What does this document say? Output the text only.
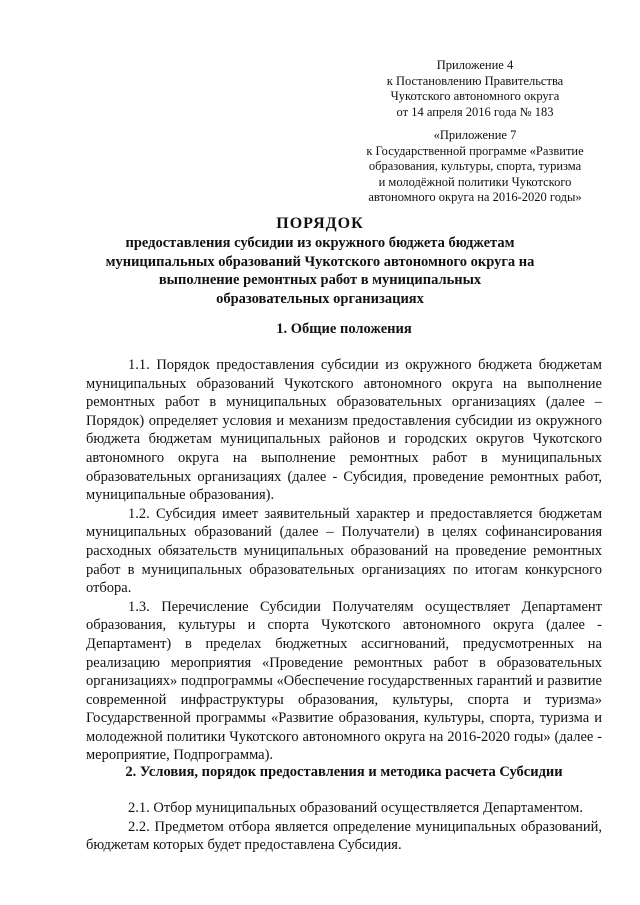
Приложение 4
к Постановлению Правительства
Чукотского автономного округа
от 14 апреля 2016 года № 183
«Приложение 7
к Государственной программе «Развитие
образования, культуры, спорта, туризма
и молодёжной политики Чукотского
автономного округа на 2016-2020 годы»
ПОРЯДОК
предоставления субсидии из окружного бюджета бюджетам
муниципальных образований Чукотского автономного округа на
выполнение ремонтных работ в муниципальных
образовательных организациях
1. Общие положения

1.1. Порядок предоставления субсидии из окружного бюджета бюджетам муниципальных образований Чукотского автономного округа на выполнение ремонтных работ в муниципальных образовательных организациях (далее – Порядок) определяет условия и механизм предоставления субсидии из окружного бюджета бюджетам муниципальных районов и городских округов Чукотского автономного округа на выполнение ремонтных работ в муниципальных образовательных организациях (далее - Субсидия, проведение ремонтных работ, муниципальные образования).

1.2. Субсидия имеет заявительный характер и предоставляется бюджетам муниципальных образований (далее – Получатели) в целях софинансирования расходных обязательств муниципальных образований на проведение ремонтных работ в муниципальных образовательных организациях по итогам конкурсного отбора.

1.3. Перечисление Субсидии Получателям осуществляет Департамент образования, культуры и спорта Чукотского автономного округа (далее - Департамент) в пределах бюджетных ассигнований, предусмотренных на реализацию мероприятия «Проведение ремонтных работ в образовательных организациях» подпрограммы «Обеспечение государственных гарантий и развитие современной инфраструктуры образования, культуры, спорта и туризма» Государственной программы «Развитие образования, культуры, спорта, туризма и молодежной политики Чукотского автономного округа на 2016-2020 годы» (далее - мероприятие, Подпрограмма).

2. Условия, порядок предоставления и методика расчета Субсидии

2.1. Отбор муниципальных образований осуществляется Департаментом.

2.2. Предметом отбора является определение муниципальных образований, бюджетам которых будет предоставлена Субсидия.
